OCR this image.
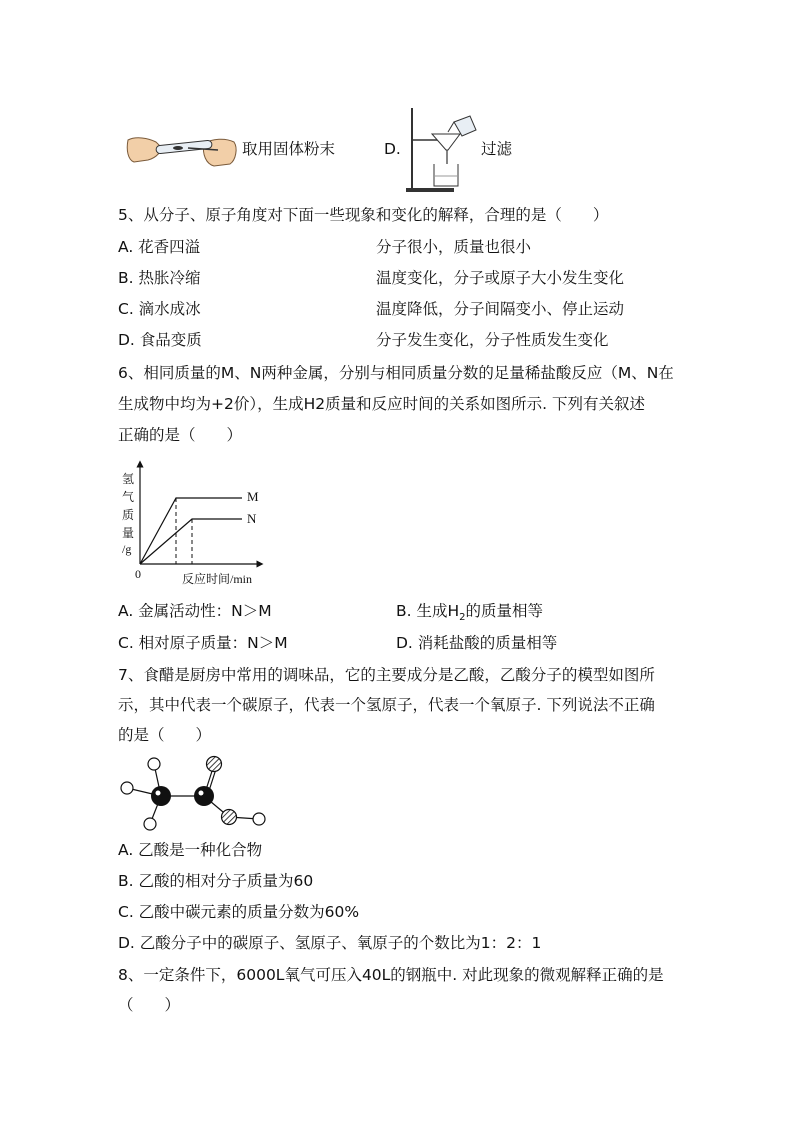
取用固体粉末	D.	过滤
5、从分子、原子角度对下面一些现象和变化的解释，合理的是（　　）
A. 花香四溢	分子很小，质量也很小
B. 热胀冷缩	温度变化，分子或原子大小发生变化
C. 滴水成冰	温度降低，分子间隔变小、停止运动
D. 食品变质	分子发生变化，分子性质发生变化
6、相同质量的M、N两种金属，分别与相同质量分数的足量稀盐酸反应（M、N在
生成物中均为+2价），生成H2质量和反应时间的关系如图所示. 下列有关叙述
正确的是（　　）
氢
气
质
量
/g
0	反应时间/min
M
N
A. 金属活动性：N＞M	B. 生成$H_2$的质量相等
C. 相对原子质量：N＞M	D. 消耗盐酸的质量相等
7、食醋是厨房中常用的调味品，它的主要成分是乙酸，乙酸分子的模型如图所
示，其中代表一个碳原子，代表一个氢原子，代表一个氧原子. 下列说法不正确
的是（　　）
A. 乙酸是一种化合物
B. 乙酸的相对分子质量为60
C. 乙酸中碳元素的质量分数为60%
D. 乙酸分子中的碳原子、氢原子、氧原子的个数比为1：2：1
8、一定条件下，6000L氧气可压入40L的钢瓶中. 对此现象的微观解释正确的是
（　　）
